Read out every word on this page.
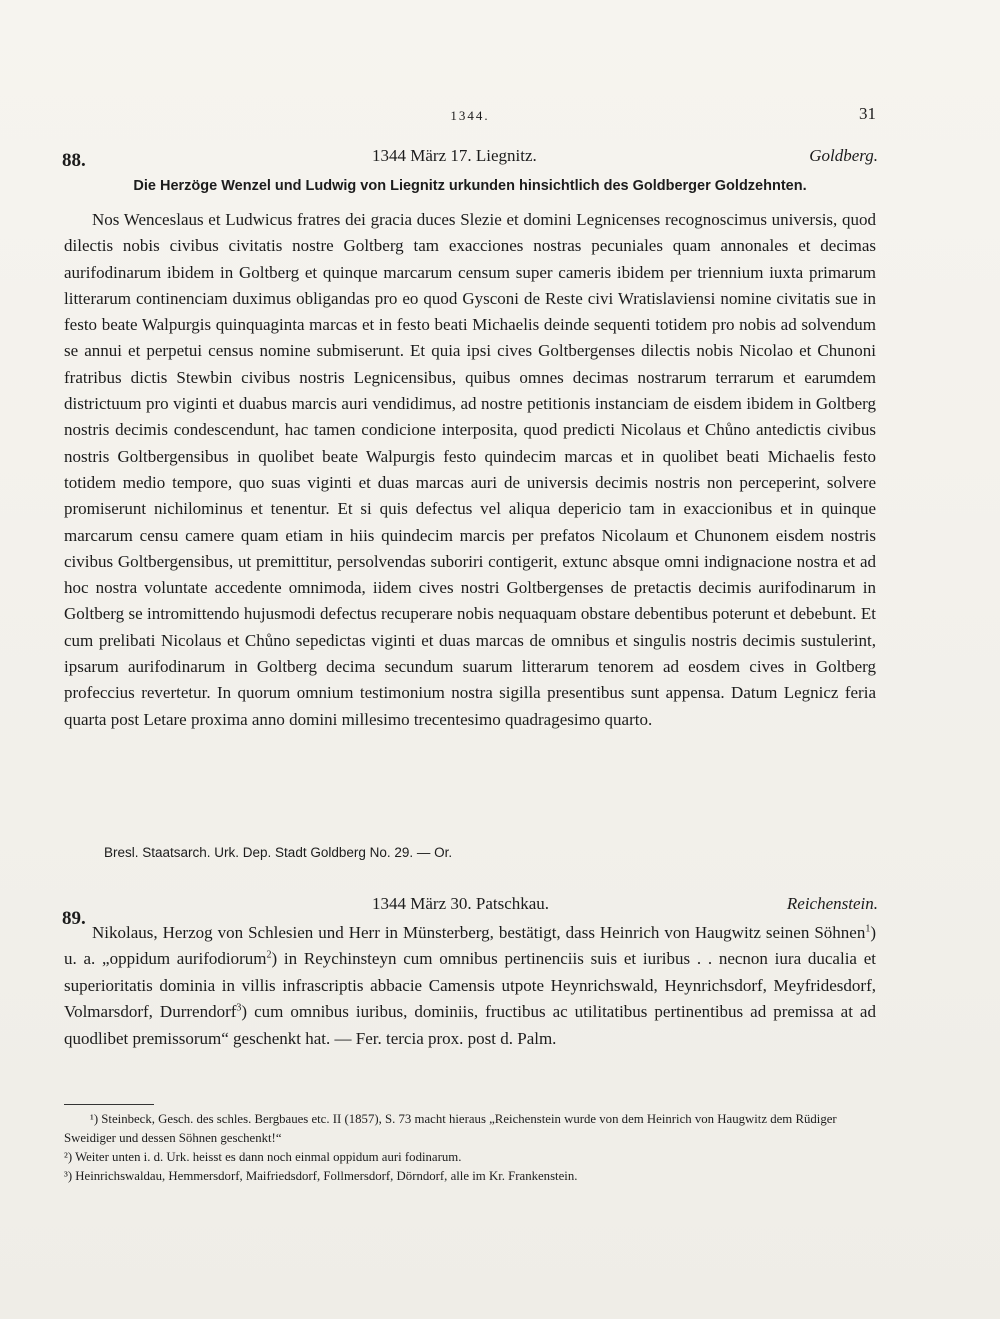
1344.	31
88.	1344 März 17. Liegnitz.	Goldberg.
Die Herzöge Wenzel und Ludwig von Liegnitz urkunden hinsichtlich des Goldberger Goldzehnten.

Nos Wenceslaus et Ludwicus fratres dei gracia duces Slezie et domini Legnicenses recognoscimus universis, quod dilectis nobis civibus civitatis nostre Goltberg tam exacciones nostras pecuniales quam annonales et decimas aurifodinarum ibidem in Goltberg et quinque marcarum censum super cameris ibidem per triennium iuxta primarum litterarum continenciam duximus obligandas pro eo quod Gysconi de Reste civi Wratislaviensi nomine civitatis sue in festo beate Walpurgis quinquaginta marcas et in festo beati Michaelis deinde sequenti totidem pro nobis ad solvendum se annui et perpetui census nomine submiserunt. Et quia ipsi cives Goltbergenses dilectis nobis Nicolao et Chunoni fratribus dictis Stewbin civibus nostris Legnicensibus, quibus omnes decimas nostrarum terrarum et earumdem districtuum pro viginti et duabus marcis auri vendidimus, ad nostre petitionis instanciam de eisdem ibidem in Goltberg nostris decimis condescendunt, hac tamen condicione interposita, quod predicti Nicolaus et Chůno antedictis civibus nostris Goltbergensibus in quolibet beate Walpurgis festo quindecim marcas et in quolibet beati Michaelis festo totidem medio tempore, quo suas viginti et duas marcas auri de universis decimis nostris non perceperint, solvere promiserunt nichilominus et tenentur. Et si quis defectus vel aliqua depericio tam in exaccionibus et in quinque marcarum censu camere quam etiam in hiis quindecim marcis per prefatos Nicolaum et Chunonem eisdem nostris civibus Goltbergensibus, ut premittitur, persolvendas suboriri contigerit, extunc absque omni indignacione nostra et ad hoc nostra voluntate accedente omnimoda, iidem cives nostri Goltbergenses de pretactis decimis aurifodinarum in Goltberg se intromittendo hujusmodi defectus recuperare nobis nequaquam obstare debentibus poterunt et debebunt. Et cum prelibati Nicolaus et Chůno sepedictas viginti et duas marcas de omnibus et singulis nostris decimis sustulerint, ipsarum aurifodinarum in Goltberg decima secundum suarum litterarum tenorem ad eosdem cives in Goltberg profeccius revertetur. In quorum omnium testimonium nostra sigilla presentibus sunt appensa. Datum Legnicz feria quarta post Letare proxima anno domini millesimo trecentesimo quadragesimo quarto.

Bresl. Staatsarch. Urk. Dep. Stadt Goldberg No. 29. — Or.
89.
1344 März 30. Patschkau.	Reichenstein.

Nikolaus, Herzog von Schlesien und Herr in Münsterberg, bestätigt, dass Heinrich von Haugwitz seinen Söhnen$^1$) u. a. „oppidum aurifodiorum$^2$) in Reychinsteyn cum omnibus pertinenciis suis et iuribus . . necnon iura ducalia et superioritatis dominia in villis infrascriptis abbacie Camensis utpote Heynrichswald, Heynrichsdorf, Meyfridesdorf, Volmarsdorf, Durrendorf$^3$) cum omnibus iuribus, dominiis, fructibus ac utilitatibus pertinentibus ad premissa at ad quodlibet premissorum“ geschenkt hat. — Fer. tercia prox. post d. Palm.

¹) Steinbeck, Gesch. des schles. Bergbaues etc. II (1857), S. 73 macht hieraus „Reichenstein wurde von dem Heinrich von Haugwitz dem Rüdiger Sweidiger und dessen Söhnen geschenkt!“
²) Weiter unten i. d. Urk. heisst es dann noch einmal oppidum auri fodinarum.
³) Heinrichswaldau, Hemmersdorf, Maifriedsdorf, Follmersdorf, Dörndorf, alle im Kr. Frankenstein.
